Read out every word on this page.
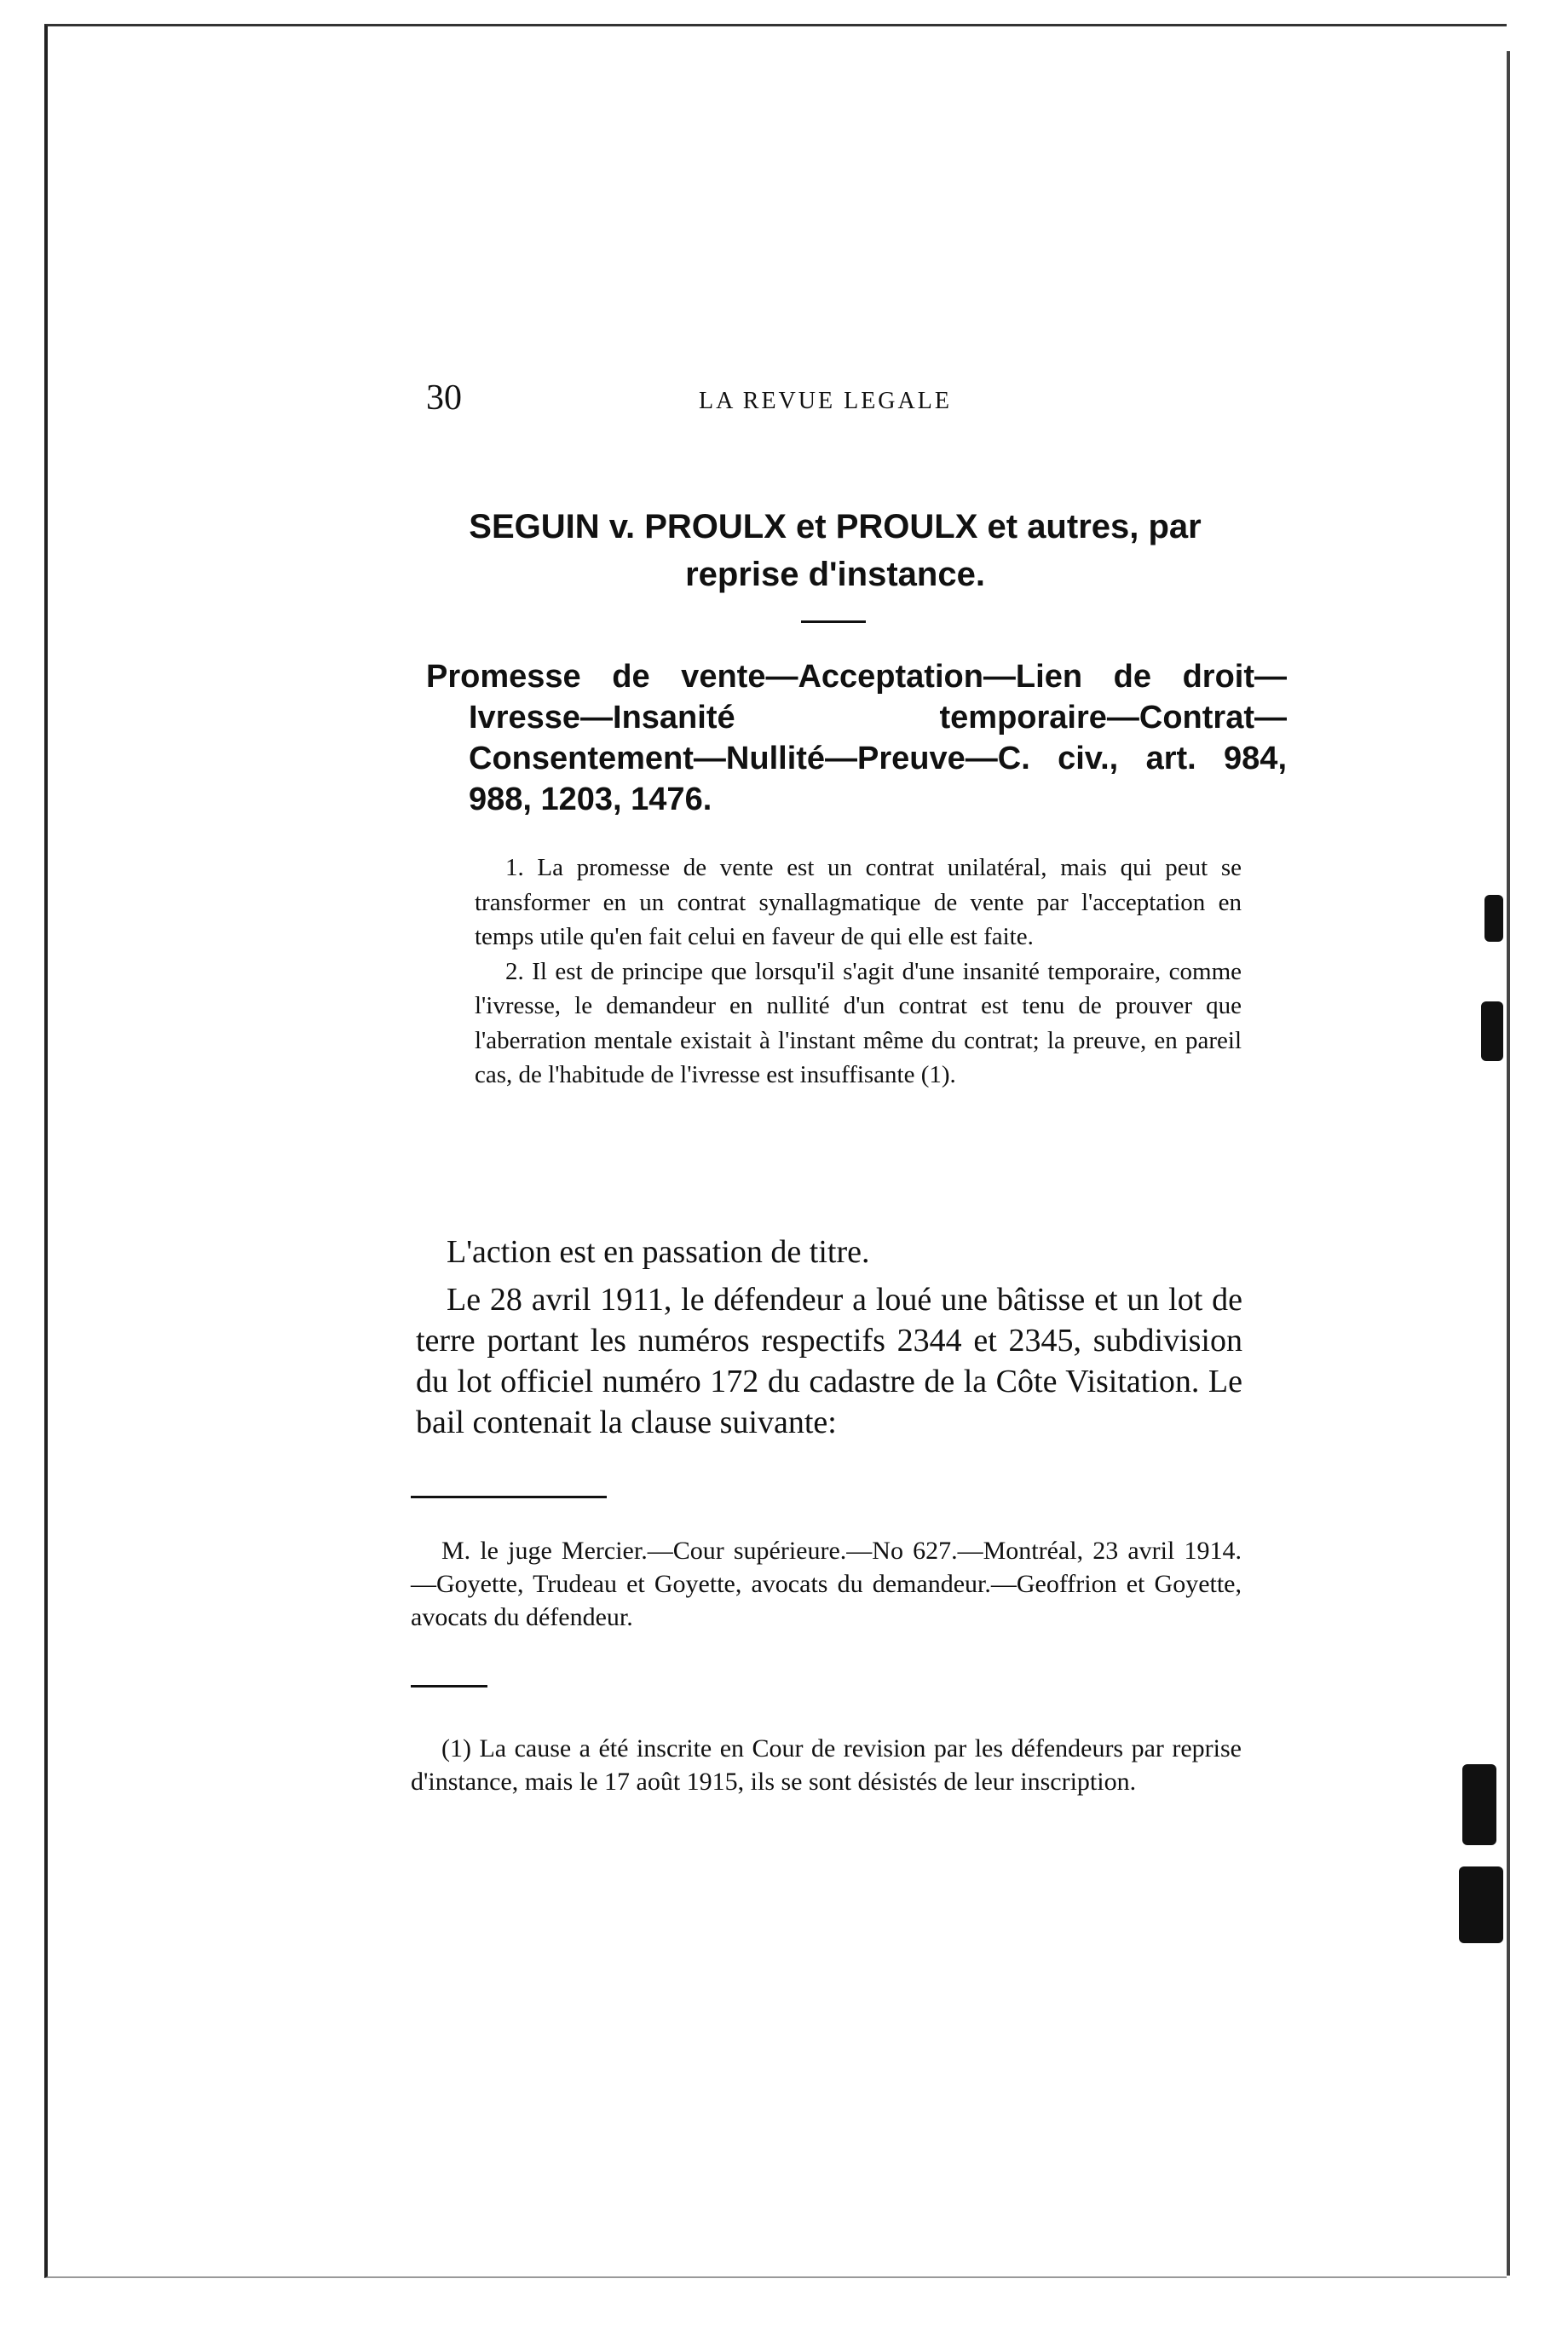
30	LA REVUE LEGALE
SEGUIN v. PROULX et PROULX et autres, par reprise d'instance.
Promesse de vente—Acceptation—Lien de droit—Ivresse—Insanité temporaire—Contrat—Consentement—Nullité—Preuve—C. civ., art. 984, 988, 1203, 1476.

1. La promesse de vente est un contrat unilatéral, mais qui peut se transformer en un contrat synallagmatique de vente par l'acceptation en temps utile qu'en fait celui en faveur de qui elle est faite.

2. Il est de principe que lorsqu'il s'agit d'une insanité temporaire, comme l'ivresse, le demandeur en nullité d'un contrat est tenu de prouver que l'aberration mentale existait à l'instant même du contrat; la preuve, en pareil cas, de l'habitude de l'ivresse est insuffisante (1).

L'action est en passation de titre.

Le 28 avril 1911, le défendeur a loué une bâtisse et un lot de terre portant les numéros respectifs 2344 et 2345, subdivision du lot officiel numéro 172 du cadastre de la Côte Visitation. Le bail contenait la clause suivante:

M. le juge Mercier.—Cour supérieure.—No 627.—Montréal, 23 avril 1914.—Goyette, Trudeau et Goyette, avocats du demandeur.—Geoffrion et Goyette, avocats du défendeur.

(1) La cause a été inscrite en Cour de revision par les défendeurs par reprise d'instance, mais le 17 août 1915, ils se sont désistés de leur inscription.
